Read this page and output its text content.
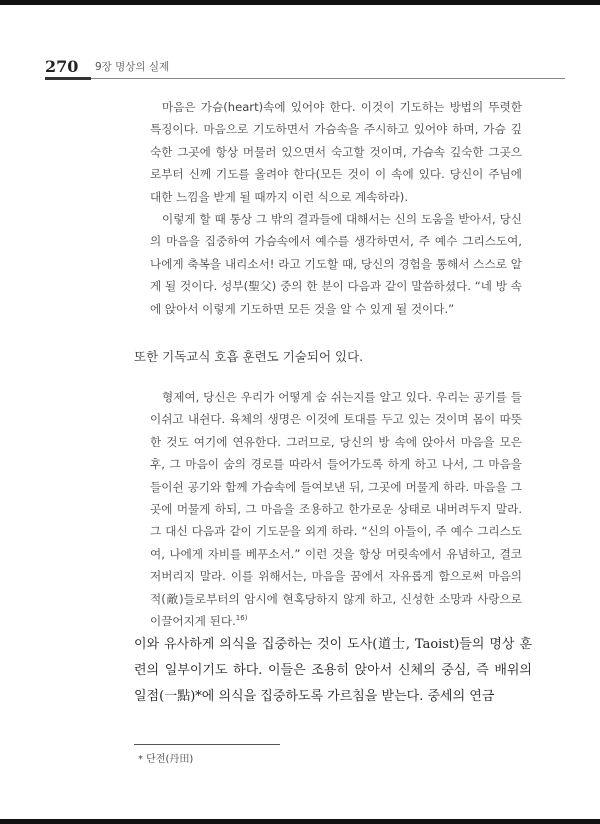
270	9장 명상의 실제

마음은 가슴(heart)속에 있어야 한다. 이것이 기도하는 방법의 뚜렷한 특징이다. 마음으로 기도하면서 가슴속을 주시하고 있어야 하며, 가슴 깊숙한 그곳에 항상 머물러 있으면서 숙고할 것이며, 가슴속 깊숙한 그곳으로부터 신께 기도를 올려야 한다(모든 것이 이 속에 있다. 당신이 주님에 대한 느낌을 받게 될 때까지 이런 식으로 계속하라).

이렇게 할 때 통상 그 밖의 결과들에 대해서는 신의 도움을 받아서, 당신의 마음을 집중하여 가슴속에서 예수를 생각하면서, 주 예수 그리스도여, 나에게 축복을 내리소서! 라고 기도할 때, 당신의 경험을 통해서 스스로 알게 될 것이다. 성부(聖父) 중의 한 분이 다음과 같이 말씀하셨다. “네 방 속에 앉아서 이렇게 기도하면 모든 것을 알 수 있게 될 것이다.”

또한 기독교식 호흡 훈련도 기술되어 있다.

형제여, 당신은 우리가 어떻게 숨 쉬는지를 알고 있다. 우리는 공기를 들이쉬고 내쉰다. 육체의 생명은 이것에 토대를 두고 있는 것이며 몸이 따뜻한 것도 여기에 연유한다. 그러므로, 당신의 방 속에 앉아서 마음을 모은 후, 그 마음이 숨의 경로를 따라서 들어가도록 하게 하고 나서, 그 마음을 들이쉰 공기와 함께 가슴속에 들여보낸 뒤, 그곳에 머물게 하라. 마음을 그곳에 머물게 하되, 그 마음을 조용하고 한가로운 상태로 내버려두지 말라. 그 대신 다음과 같이 기도문을 외게 하라. “신의 아들이, 주 예수 그리스도여, 나에게 자비를 베푸소서.” 이런 것을 항상 머릿속에서 유념하고, 결코 저버리지 말라. 이를 위해서는, 마음을 꿈에서 자유롭게 함으로써 마음의 적(敵)들로부터의 암시에 현혹당하지 않게 하고, 신성한 소망과 사랑으로 이끌어지게 된다.$^{16)}$

이와 유사하게 의식을 집중하는 것이 도사(道士, Taoist)들의 명상 훈련의 일부이기도 하다. 이들은 조용히 앉아서 신체의 중심, 즉 배위의 일점(一點)*에 의식을 집중하도록 가르침을 받는다. 중세의 연금

* 단전(丹田)
